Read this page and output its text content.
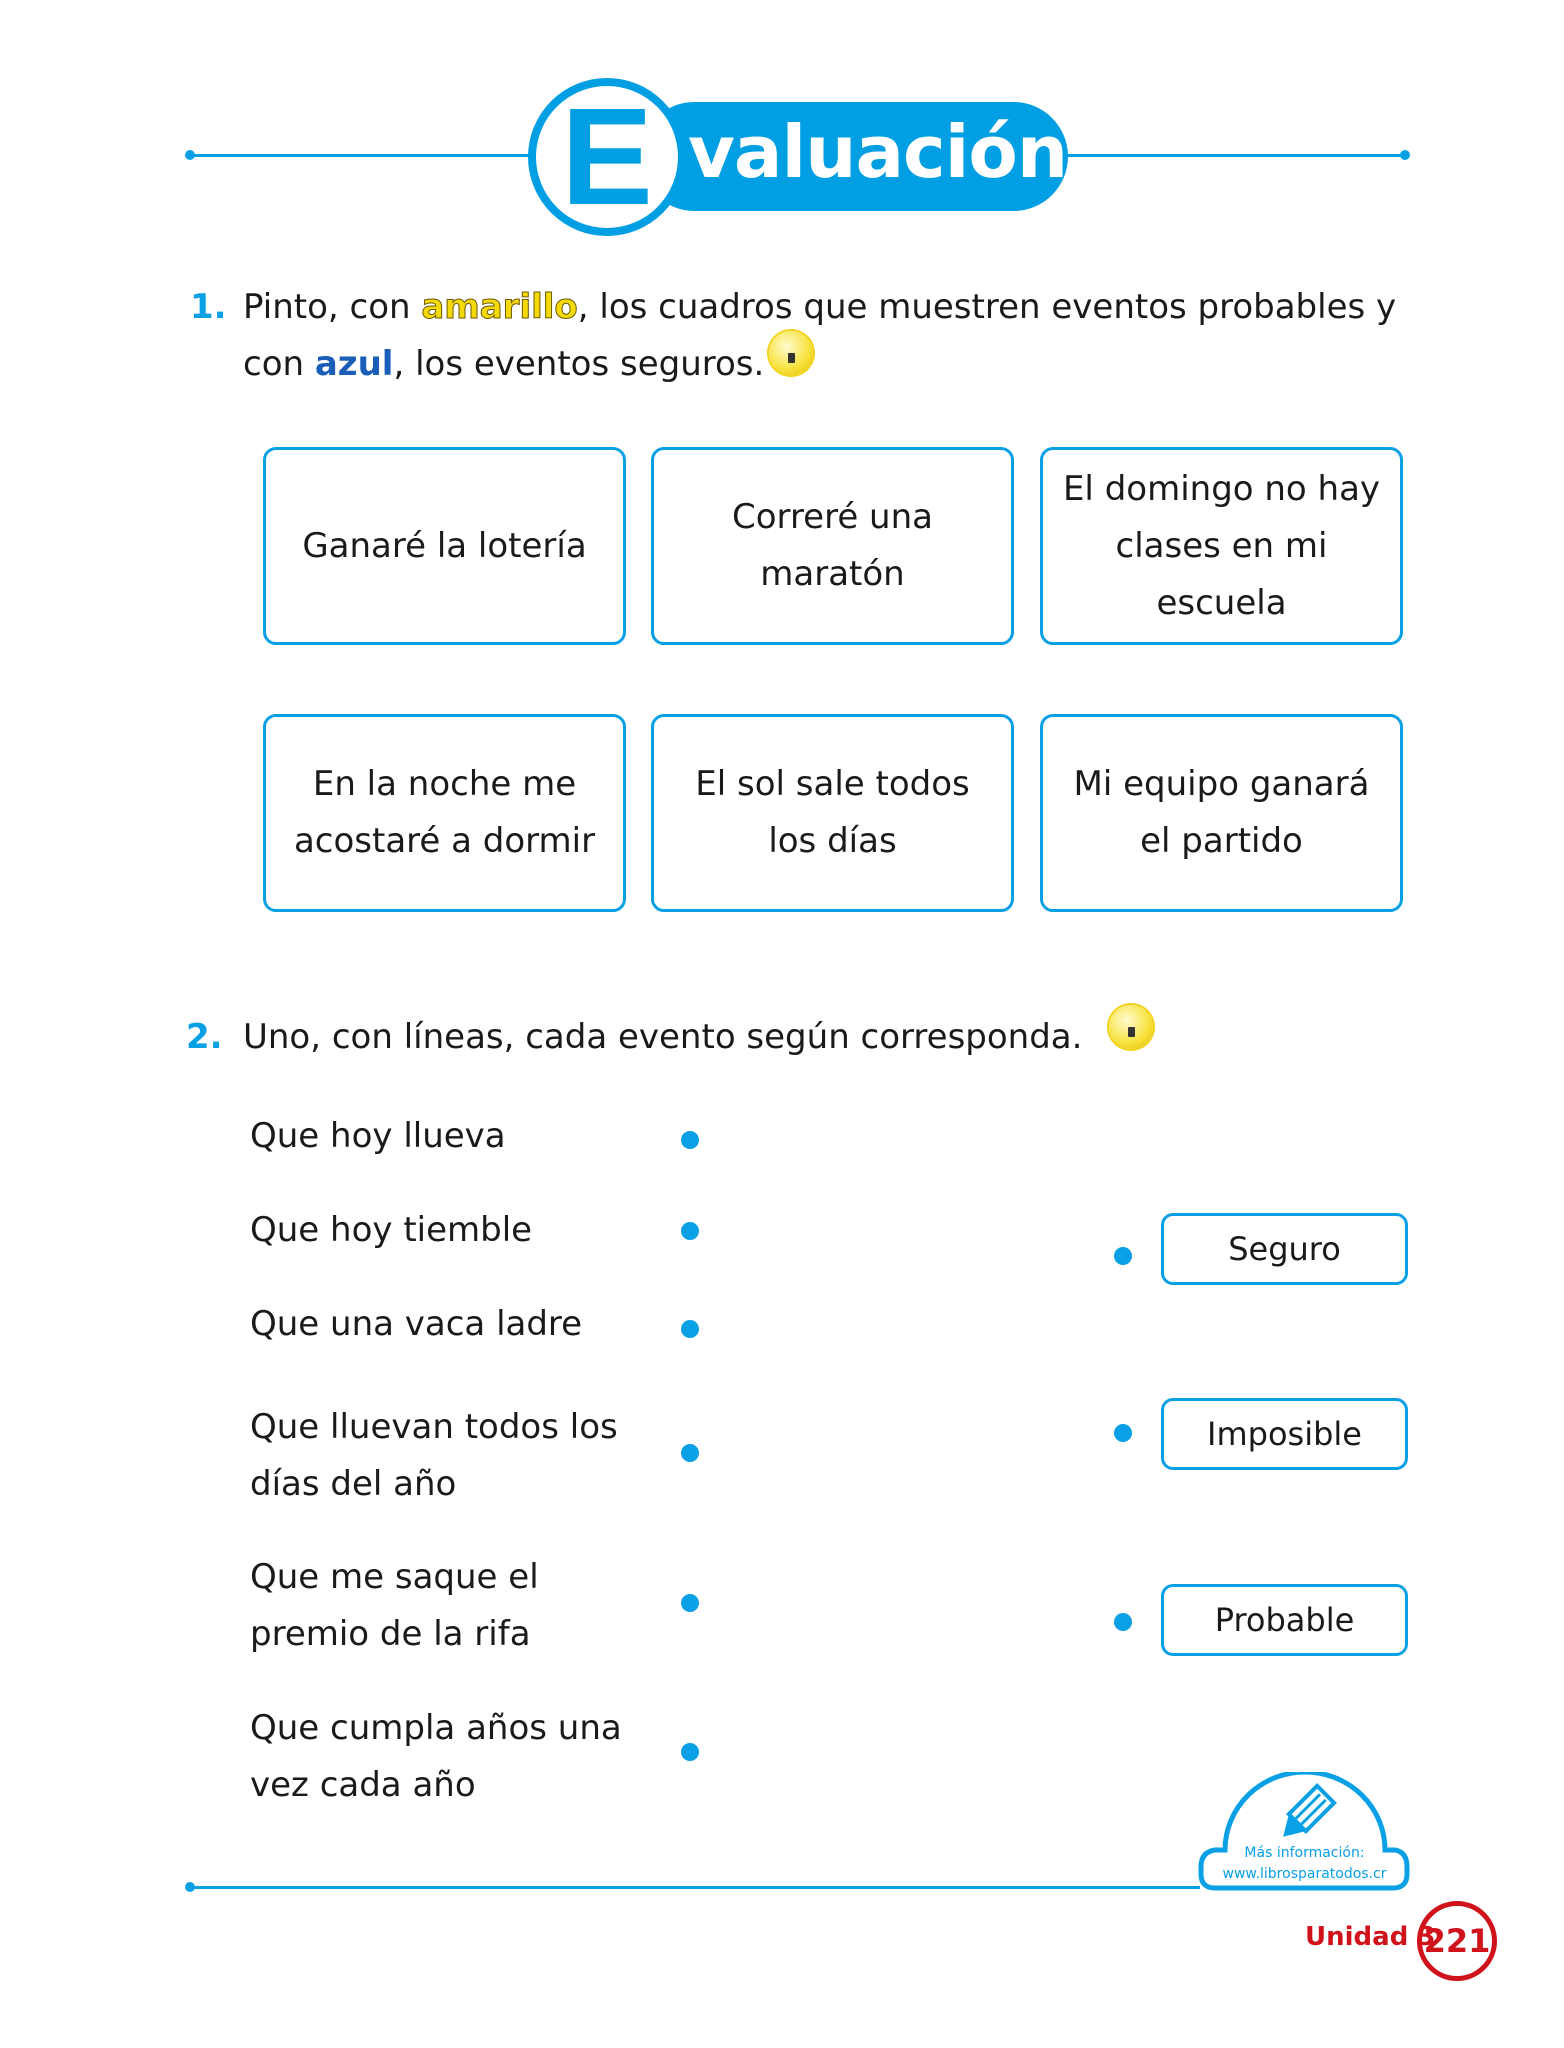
valuación
E
1. Pinto, con amarillo, los cuadros que muestren eventos probables y
con azul, los eventos seguros.
Ganaré la lotería
Correré una maratón
El domingo no hay clases en mi escuela
En la noche me acostaré a dormir
El sol sale todos los días
Mi equipo ganará el partido
2. Uno, con líneas, cada evento según corresponda.
Que hoy llueva
Que hoy tiemble
Que una vaca ladre
Que lluevan todos los días del año
Que me saque el premio de la rifa
Que cumpla años una vez cada año
Seguro
Imposible
Probable
Más información:
www.librosparatodos.cr
Unidad 3
221
